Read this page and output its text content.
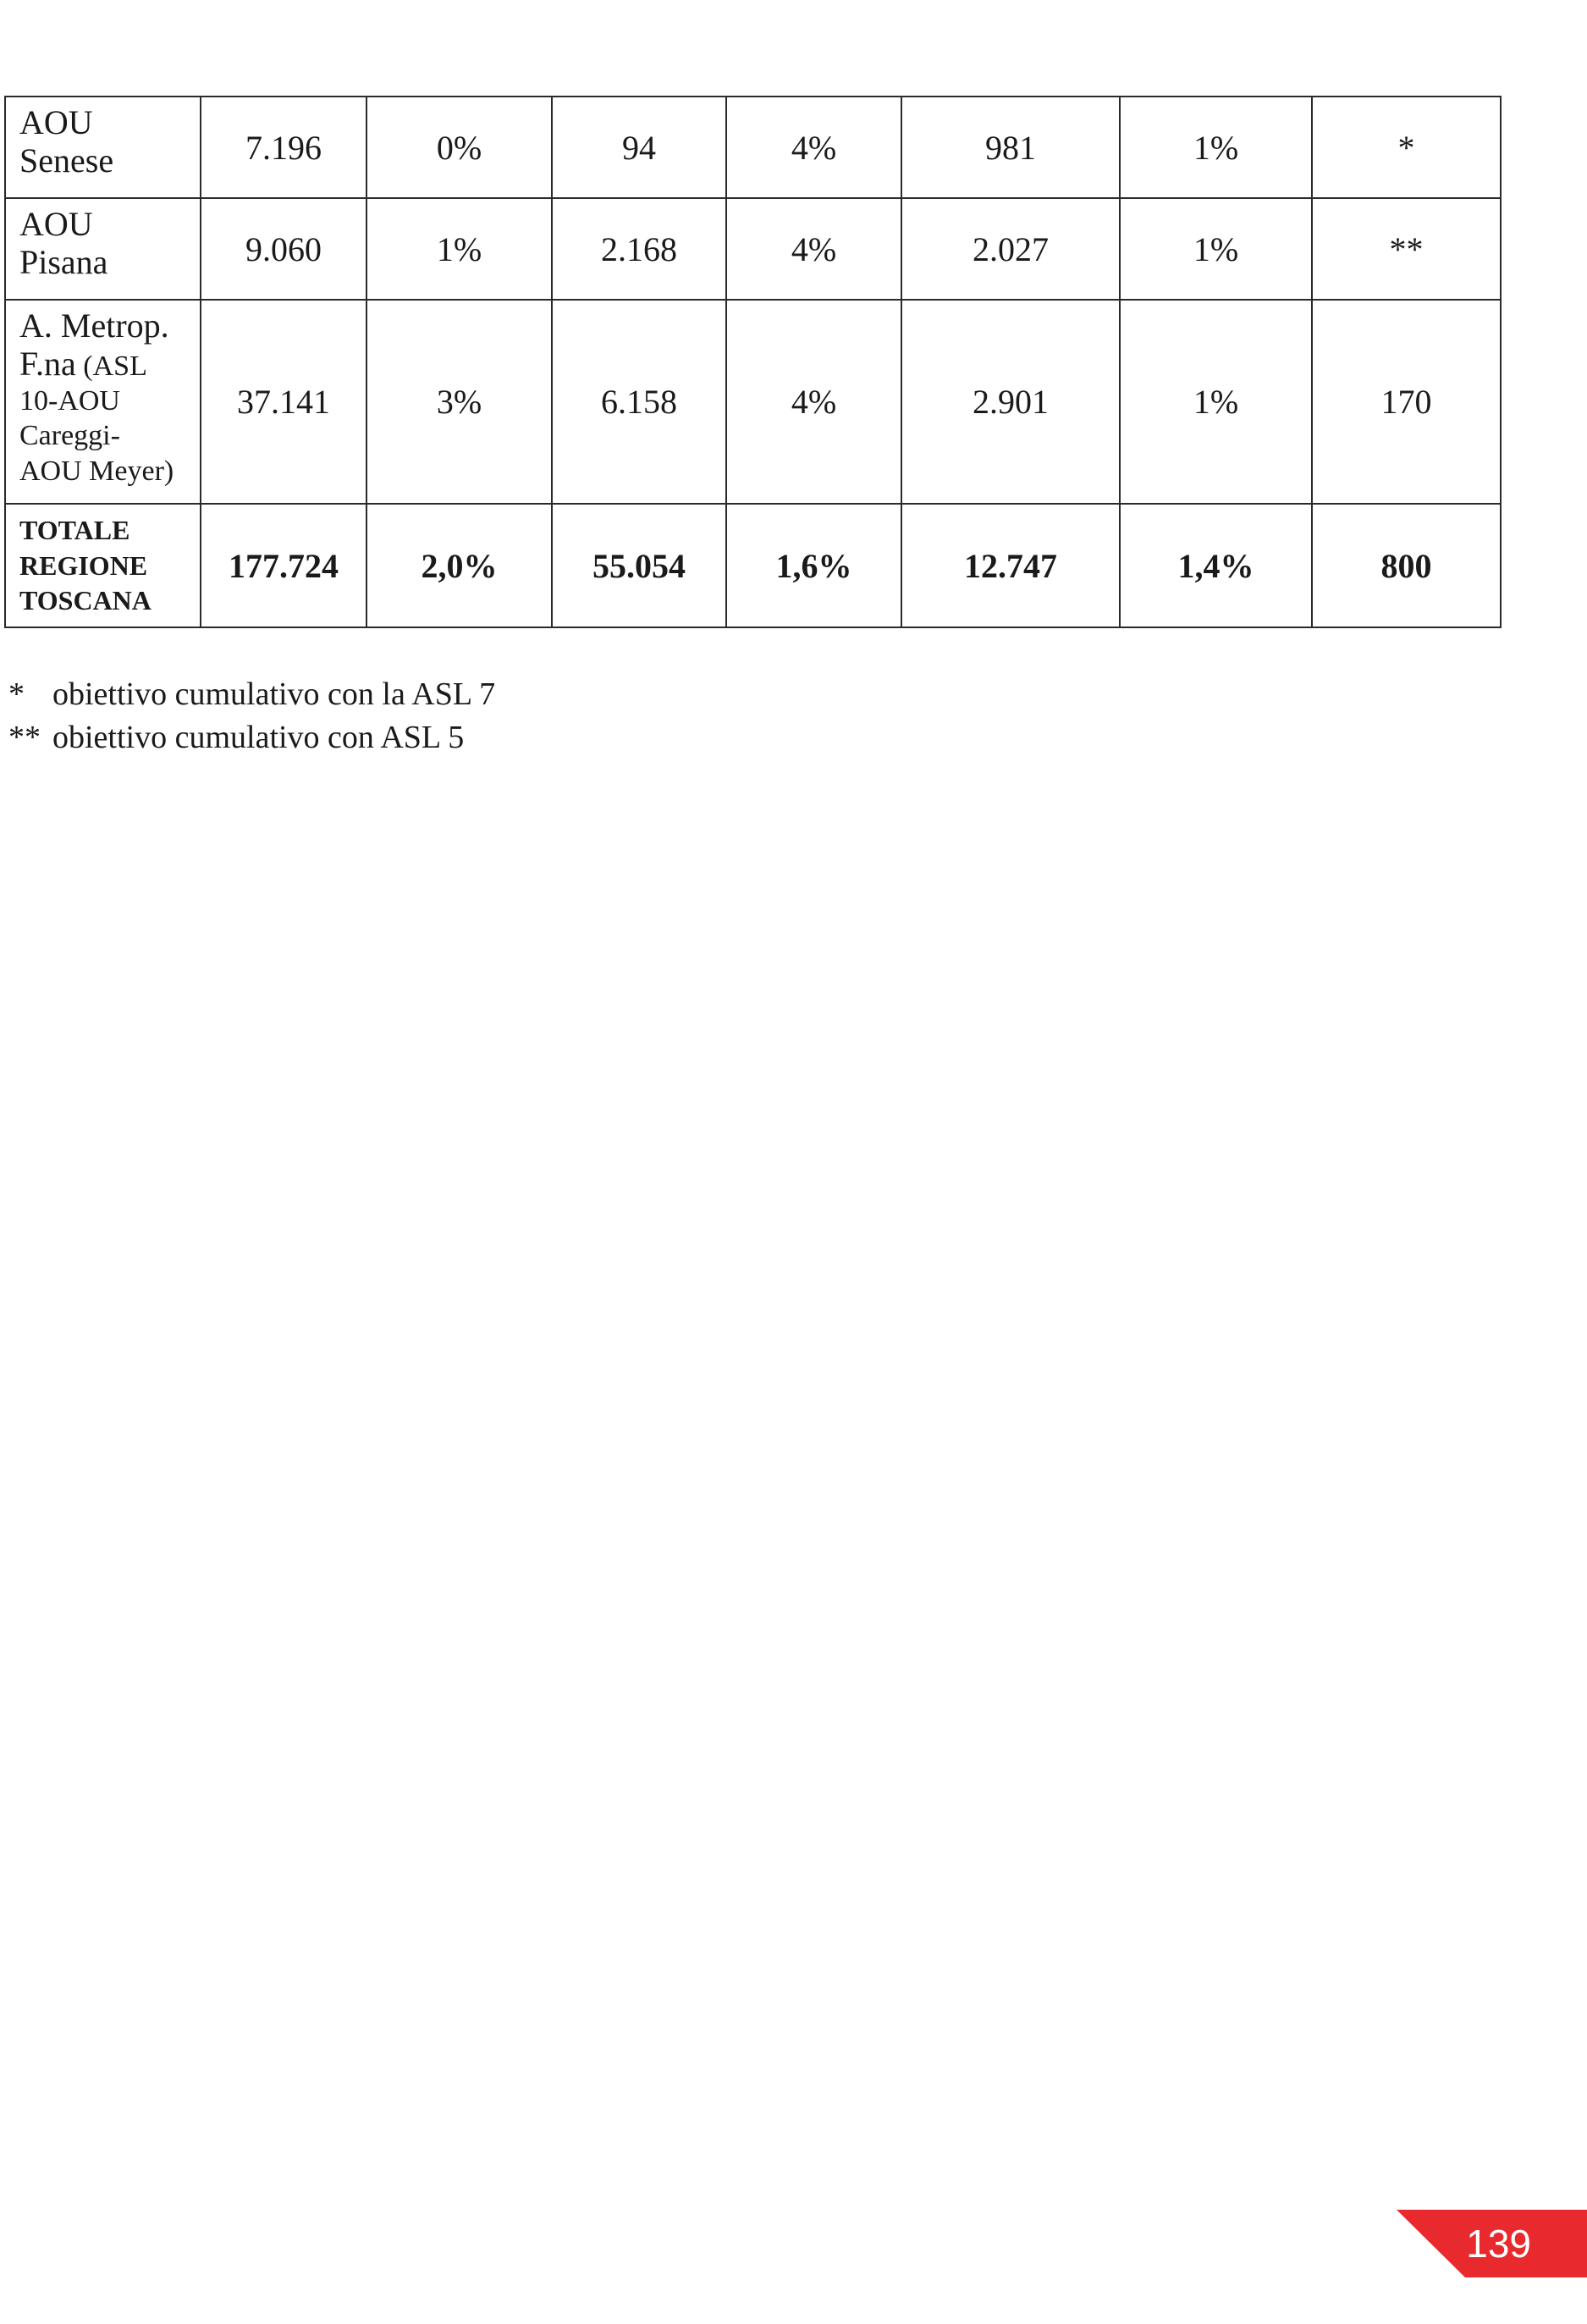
AOU
Senese	7.196	0%	94	4%	981	1%	*

AOU
Pisana	9.060	1%	2.168	4%	2.027	1%	**

A. Metrop.
F.na (ASL
10-AOU
Careggi-
AOU Meyer)	37.141	3%	6.158	4%	2.901	1%	170

TOTALE
REGIONE
TOSCANA	177.724	2,0%	55.054	1,6%	12.747	1,4%	800
* obiettivo cumulativo con la ASL 7
** obiettivo cumulativo con ASL 5
139
